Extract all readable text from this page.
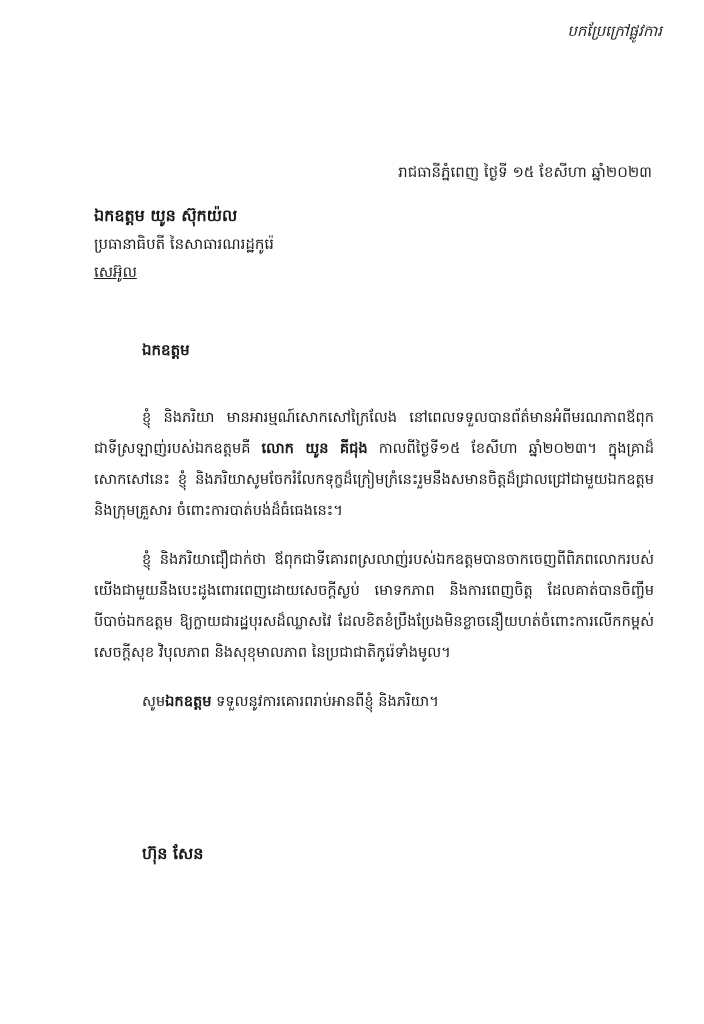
បកប្រែក្រៅផ្លូវការ
រាជធានីភ្នំពេញ ថ្ងៃទី ១៥ ខែសីហា ឆ្នាំ២០២៣
ឯកឧត្តម យូន ស៊ុកយ៉ល
ប្រធានាធិបតី នៃសាធារណរដ្ឋកូរ៉េ
សេអ៊ូល
ឯកឧត្តម

ខ្ញុំ និងភរិយា មានអារម្មណ៍សោកសៅក្រៃលែង នៅពេលទទួលបានព័ត៌មានអំពីមរណភាពឪពុកជាទីស្រឡាញ់របស់ឯកឧត្តមគឺ លោក យូន គីជុង កាលពីថ្ងៃទី១៥ ខែសីហា ឆ្នាំ២០២៣។ ក្នុងគ្រាដ៏សោកសៅនេះ ខ្ញុំ និងភរិយាសូមចែករំលែកទុក្ខដ៏ក្រៀមក្រំនេះរួមនឹងសមានចិត្តដ៏ជ្រាលជ្រៅជាមួយឯកឧត្តម និងក្រុមគ្រួសារ ចំពោះការបាត់បង់ដ៏ធំធេងនេះ។

ខ្ញុំ និងភរិយាជឿជាក់ថា ឪពុកជាទីគោរពស្រលាញ់របស់ឯកឧត្តមបានចាកចេញពីពិភពលោករបស់យើងជាមួយនឹងបេះដូងពោរពេញដោយសេចក្ដីស្ងប់ មោទកភាព និងការពេញចិត្ត ដែលគាត់បានចិញ្ចឹមបីបាច់ឯកឧត្តម ឱ្យក្លាយជារដ្ឋបុរសដ៏ឈ្លាសវៃ ដែលខិតខំប្រឹងប្រែងមិនខ្លាចនឿយហត់ចំពោះការលើកកម្ពស់សេចក្ដីសុខ វិបុលភាព និងសុខុមាលភាព នៃប្រជាជាតិកូរ៉េទាំងមូល។

សូមឯកឧត្តម ទទួលនូវការគោរពរាប់អានពីខ្ញុំ និងភរិយា។

ហ៊ុន សែន
